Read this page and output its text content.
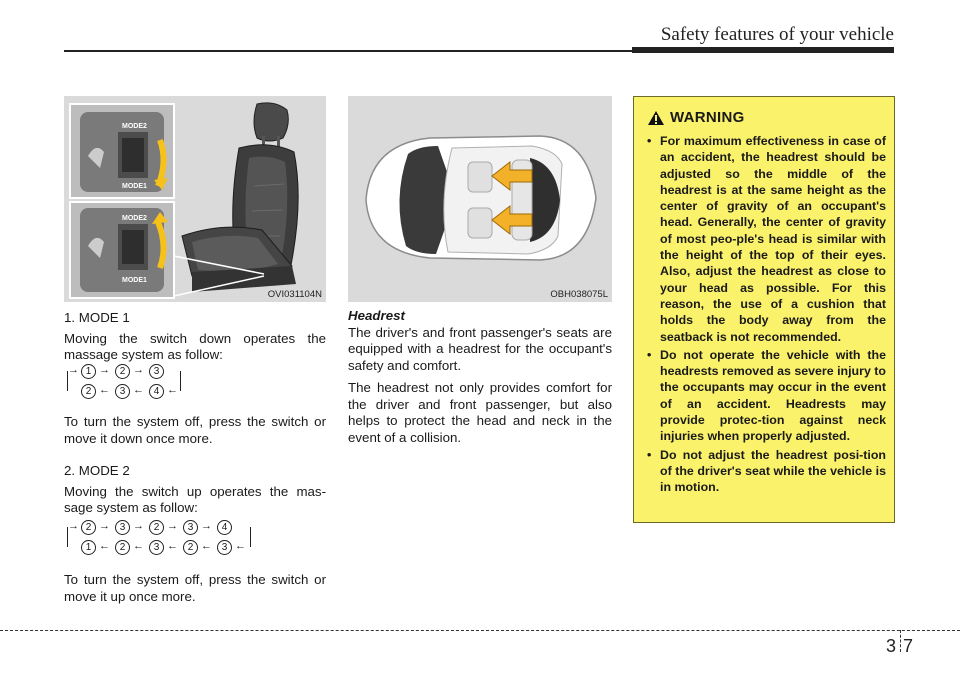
Safety features of your vehicle
MODE2
MODE1
MODE2
MODE1
OVI031104N	OBH038075L

1. MODE 1

Moving the switch down operates the massage system as follow:

→ 1 → 2 → 3
2 ← 3 ← 4 ←

To turn the system off, press the switch or move it down once more.

2. MODE 2

Moving the switch up operates the mas-sage system as follow:

→ 2 → 3 → 2 → 3 → 4
1 ← 2 ← 3 ← 2 ← 3 ←

To turn the system off, press the switch or move it up once more.

Headrest

The driver's and front passenger's seats are equipped with a headrest for the occupant's safety and comfort.

The headrest not only provides comfort for the driver and front passenger, but also helps to protect the head and neck in the event of a collision.

WARNING
• For maximum effectiveness in case of an accident, the headrest should be adjusted so the middle of the headrest is at the same height as the center of gravity of an occupant's head. Generally, the center of gravity of most peo-ple's head is similar with the height of the top of their eyes. Also, adjust the headrest as close to your head as possible. For this reason, the use of a cushion that holds the body away from the seatback is not recommended.
• Do not operate the vehicle with the headrests removed as severe injury to the occupants may occur in the event of an accident. Headrests may provide protec-tion against neck injuries when properly adjusted.
• Do not adjust the headrest posi-tion of the driver's seat while the vehicle is in motion.
3 7
